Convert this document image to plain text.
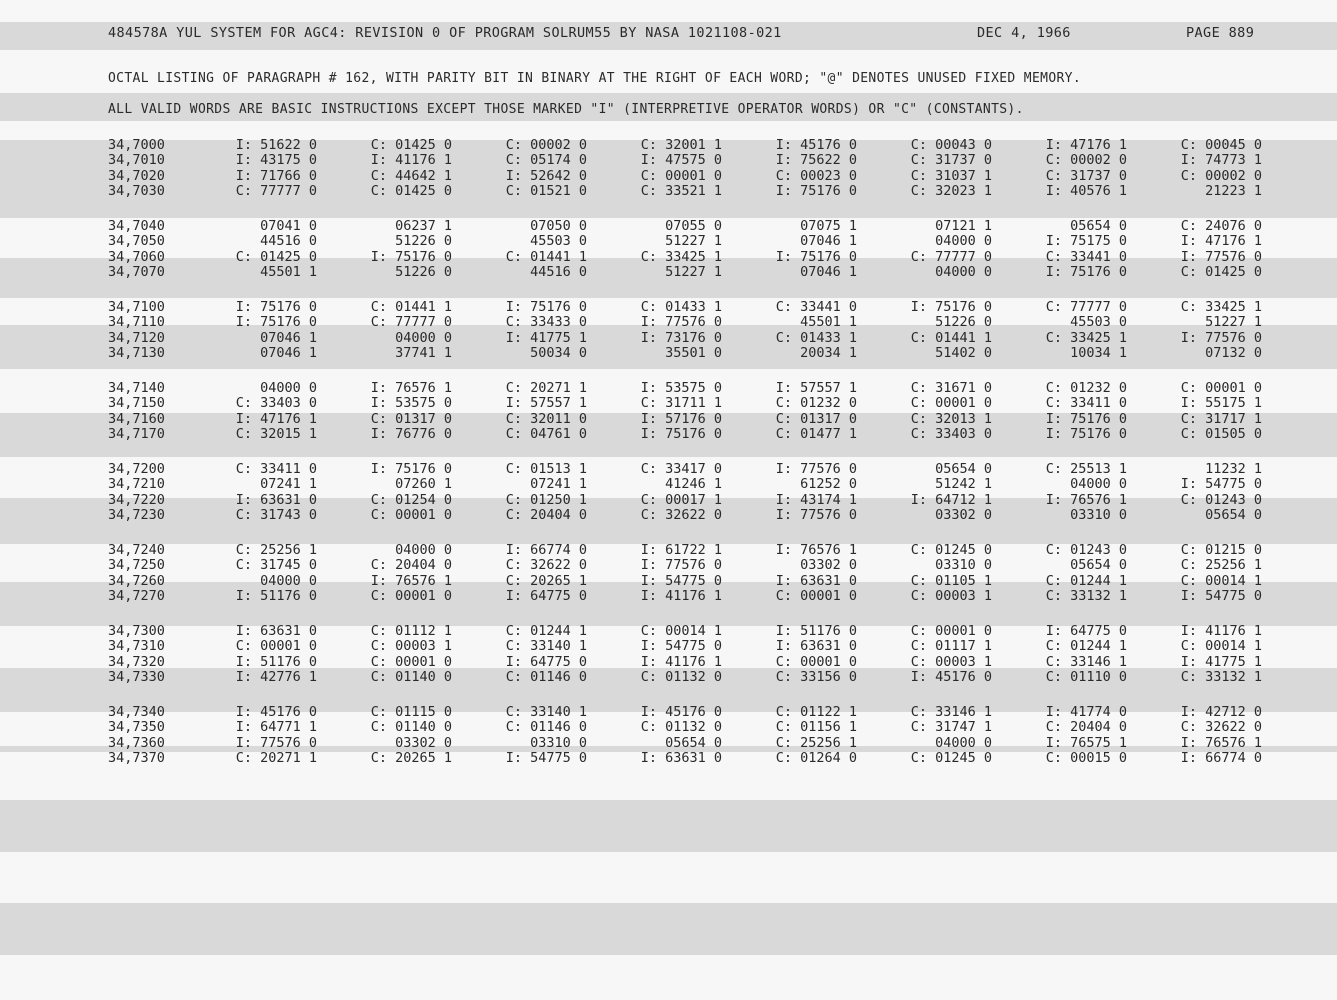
484578A YUL SYSTEM FOR AGC4: REVISION 0 OF PROGRAM SOLRUM55 BY NASA 1021108-021	DEC 4, 1966	PAGE 889
OCTAL LISTING OF PARAGRAPH # 162, WITH PARITY BIT IN BINARY AT THE RIGHT OF EACH WORD; "@" DENOTES UNUSED FIXED MEMORY.
ALL VALID WORDS ARE BASIC INSTRUCTIONS EXCEPT THOSE MARKED "I" (INTERPRETIVE OPERATOR WORDS) OR "C" (CONSTANTS).
34,7000	I: 51622 0	C: 01425 0	C: 00002 0	C: 32001 1	I: 45176 0	C: 00043 0	I: 47176 1	C: 00045 0
34,7010	I: 43175 0	I: 41176 1	C: 05174 0	I: 47575 0	I: 75622 0	C: 31737 0	C: 00002 0	I: 74773 1
34,7020	I: 71766 0	C: 44642 1	I: 52642 0	C: 00001 0	C: 00023 0	C: 31037 1	C: 31737 0	C: 00002 0
34,7030	C: 77777 0	C: 01425 0	C: 01521 0	C: 33521 1	I: 75176 0	C: 32023 1	I: 40576 1	21223 1
34,7040	07041 0	06237 1	07050 0	07055 0	07075 1	07121 1	05654 0	C: 24076 0
34,7050	44516 0	51226 0	45503 0	51227 1	07046 1	04000 0	I: 75175 0	I: 47176 1
34,7060	C: 01425 0	I: 75176 0	C: 01441 1	C: 33425 1	I: 75176 0	C: 77777 0	C: 33441 0	I: 77576 0
34,7070	45501 1	51226 0	44516 0	51227 1	07046 1	04000 0	I: 75176 0	C: 01425 0
34,7100	I: 75176 0	C: 01441 1	I: 75176 0	C: 01433 1	C: 33441 0	I: 75176 0	C: 77777 0	C: 33425 1
34,7110	I: 75176 0	C: 77777 0	C: 33433 0	I: 77576 0	45501 1	51226 0	45503 0	51227 1
34,7120	07046 1	04000 0	I: 41775 1	I: 73176 0	C: 01433 1	C: 01441 1	C: 33425 1	I: 77576 0
34,7130	07046 1	37741 1	50034 0	35501 0	20034 1	51402 0	10034 1	07132 0
34,7140	04000 0	I: 76576 1	C: 20271 1	I: 53575 0	I: 57557 1	C: 31671 0	C: 01232 0	C: 00001 0
34,7150	C: 33403 0	I: 53575 0	I: 57557 1	C: 31711 1	C: 01232 0	C: 00001 0	C: 33411 0	I: 55175 1
34,7160	I: 47176 1	C: 01317 0	C: 32011 0	I: 57176 0	C: 01317 0	C: 32013 1	I: 75176 0	C: 31717 1
34,7170	C: 32015 1	I: 76776 0	C: 04761 0	I: 75176 0	C: 01477 1	C: 33403 0	I: 75176 0	C: 01505 0
34,7200	C: 33411 0	I: 75176 0	C: 01513 1	C: 33417 0	I: 77576 0	05654 0	C: 25513 1	11232 1
34,7210	07241 1	07260 1	07241 1	41246 1	61252 0	51242 1	04000 0	I: 54775 0
34,7220	I: 63631 0	C: 01254 0	C: 01250 1	C: 00017 1	I: 43174 1	I: 64712 1	I: 76576 1	C: 01243 0
34,7230	C: 31743 0	C: 00001 0	C: 20404 0	C: 32622 0	I: 77576 0	03302 0	03310 0	05654 0
34,7240	C: 25256 1	04000 0	I: 66774 0	I: 61722 1	I: 76576 1	C: 01245 0	C: 01243 0	C: 01215 0
34,7250	C: 31745 0	C: 20404 0	C: 32622 0	I: 77576 0	03302 0	03310 0	05654 0	C: 25256 1
34,7260	04000 0	I: 76576 1	C: 20265 1	I: 54775 0	I: 63631 0	C: 01105 1	C: 01244 1	C: 00014 1
34,7270	I: 51176 0	C: 00001 0	I: 64775 0	I: 41176 1	C: 00001 0	C: 00003 1	C: 33132 1	I: 54775 0
34,7300	I: 63631 0	C: 01112 1	C: 01244 1	C: 00014 1	I: 51176 0	C: 00001 0	I: 64775 0	I: 41176 1
34,7310	C: 00001 0	C: 00003 1	C: 33140 1	I: 54775 0	I: 63631 0	C: 01117 1	C: 01244 1	C: 00014 1
34,7320	I: 51176 0	C: 00001 0	I: 64775 0	I: 41176 1	C: 00001 0	C: 00003 1	C: 33146 1	I: 41775 1
34,7330	I: 42776 1	C: 01140 0	C: 01146 0	C: 01132 0	C: 33156 0	I: 45176 0	C: 01110 0	C: 33132 1
34,7340	I: 45176 0	C: 01115 0	C: 33140 1	I: 45176 0	C: 01122 1	C: 33146 1	I: 41774 0	I: 42712 0
34,7350	I: 64771 1	C: 01140 0	C: 01146 0	C: 01132 0	C: 01156 1	C: 31747 1	C: 20404 0	C: 32622 0
34,7360	I: 77576 0	03302 0	03310 0	05654 0	C: 25256 1	04000 0	I: 76575 1	I: 76576 1
34,7370	C: 20271 1	C: 20265 1	I: 54775 0	I: 63631 0	C: 01264 0	C: 01245 0	C: 00015 0	I: 66774 0
